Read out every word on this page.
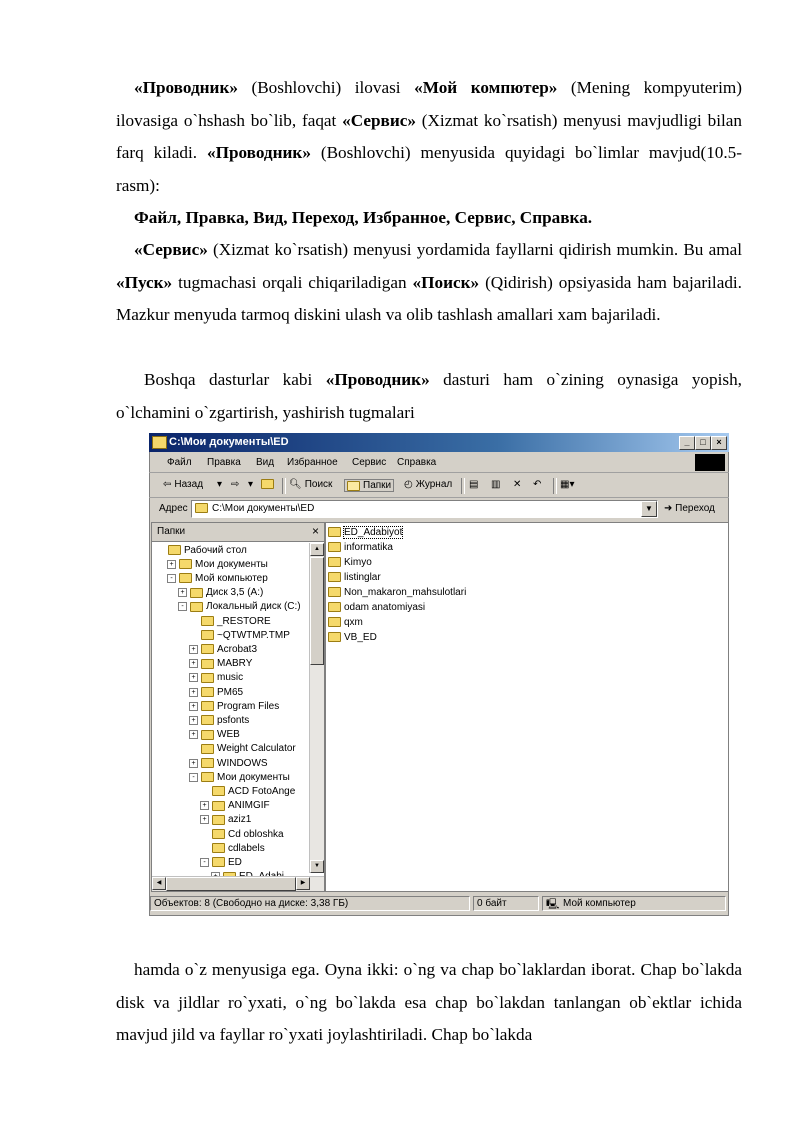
«Проводник» (Boshlovchi) ilovasi «Мой компютер» (Mening kompyuterim) ilovasiga o`hshash bo`lib, faqat «Сервис» (Xizmat ko`rsatish) menyusi mavjudligi bilan farq kiladi. «Проводник» (Boshlovchi) menyusida quyidagi bo`limlar mavjud(10.5-rasm):
Файл, Правка, Вид, Переход, Избранное, Сервис, Справка.
«Сервис» (Xizmat ko`rsatish) menyusi yordamida fayllarni qidirish mumkin. Bu amal «Пуск» tugmachasi orqali chiqariladigan «Поиск» (Qidirish) opsiyasida ham bajariladi. Mazkur menyuda tarmoq diskini ulash va olib tashlash amallari xam bajariladi.
Boshqa dasturlar kabi «Проводник» dasturi ham o`zining oynasiga yopish, o`lchamini o`zgartirish, yashirish tugmalari
C:\Мои документы\ED	_	□	×
Файл Правка Вид Избранное Сервис Справка
⇦ Назад ▾ ⇨ ▾	🔍︎ Поиск	Папки ◴ Журнал ▤ ▥ ✕ ↶ ▦▾
Адрес C:\Мои документы\ED	▼	➜ Переход
Папки	×
Рабочий стол
+ Мои документы
-	Мой компьютер
+ Диск 3,5 (A:)
-	Локальный диск (C:)
_RESTORE
~QTWTMP.TMP
+ Acrobat3
+ MABRY
+ music
+ PM65
+ Program Files
+ psfonts
+ WEB
Weight Calculator
+ WINDOWS
-	Мои документы
ACD FotoAnge
+ ANIMGIF
+ aziz1
Cd obloshka
cdlabels
-	ED
▲
▼
◀	▶
ED_Adabiyot
informatika
Kimyo
listinglar
Non_makaron_mahsulotlari
odam anatomiyasi
qxm
VB_ED
Объектов: 8 (Свободно на диске: 3,38 ГБ)	0 байт	🖳 Мой компьютер
hamda o`z menyusiga ega. Oyna ikki: o`ng va chap bo`laklardan iborat. Chap bo`lakda disk va jildlar ro`yxati, o`ng bo`lakda esa chap bo`lakdan tanlangan ob`ektlar ichida mavjud jild va fayllar ro`yxati joylashtiriladi. Chap bo`lakda
